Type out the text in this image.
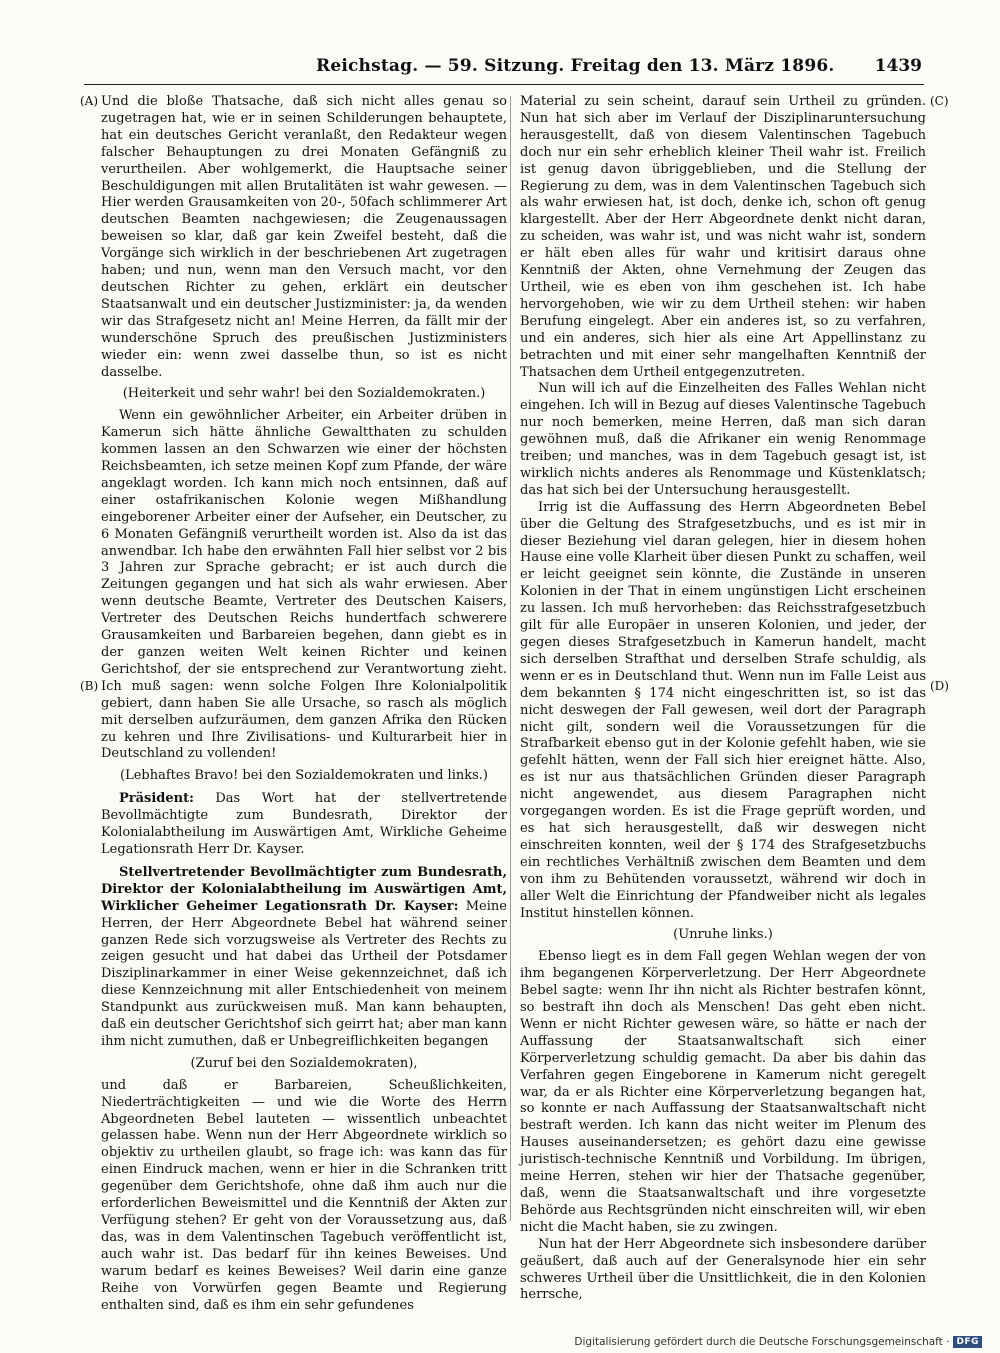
Reichstag. — 59. Sitzung. Freitag den 13. März 1896. 1439
(A)
(B)
(C)
(D)

Und die bloße Thatsache, daß sich nicht alles genau so zugetragen hat, wie er in seinen Schilderungen behauptete, hat ein deutsches Gericht veranlaßt, den Redakteur wegen falscher Behauptungen zu drei Monaten Gefängniß zu verurtheilen. Aber wohlgemerkt, die Hauptsache seiner Beschuldigungen mit allen Brutalitäten ist wahr gewesen. — Hier werden Grausamkeiten von 20-, 50fach schlimmerer Art deutschen Beamten nachgewiesen; die Zeugenaussagen beweisen so klar, daß gar kein Zweifel besteht, daß die Vorgänge sich wirklich in der beschriebenen Art zugetragen haben; und nun, wenn man den Versuch macht, vor den deutschen Richter zu gehen, erklärt ein deutscher Staatsanwalt und ein deutscher Justizminister: ja, da wenden wir das Strafgesetz nicht an! Meine Herren, da fällt mir der wunderschöne Spruch des preußischen Justizministers wieder ein: wenn zwei dasselbe thun, so ist es nicht dasselbe.

(Heiterkeit und sehr wahr! bei den Sozialdemokraten.)

Wenn ein gewöhnlicher Arbeiter, ein Arbeiter drüben in Kamerun sich hätte ähnliche Gewaltthaten zu schulden kommen lassen an den Schwarzen wie einer der höchsten Reichsbeamten, ich setze meinen Kopf zum Pfande, der wäre angeklagt worden. Ich kann mich noch entsinnen, daß auf einer ostafrikanischen Kolonie wegen Mißhandlung eingeborener Arbeiter einer der Aufseher, ein Deutscher, zu 6 Monaten Gefängniß verurtheilt worden ist. Also da ist das anwendbar. Ich habe den erwähnten Fall hier selbst vor 2 bis 3 Jahren zur Sprache gebracht; er ist auch durch die Zeitungen gegangen und hat sich als wahr erwiesen. Aber wenn deutsche Beamte, Vertreter des Deutschen Kaisers, Vertreter des Deutschen Reichs hundertfach schwerere Grausamkeiten und Barbareien begehen, dann giebt es in der ganzen weiten Welt keinen Richter und keinen Gerichtshof, der sie entsprechend zur Verantwortung zieht. Ich muß sagen: wenn solche Folgen Ihre Kolonialpolitik gebiert, dann haben Sie alle Ursache, so rasch als möglich mit derselben aufzuräumen, dem ganzen Afrika den Rücken zu kehren und Ihre Zivilisations- und Kulturarbeit hier in Deutschland zu vollenden!

(Lebhaftes Bravo! bei den Sozialdemokraten und links.)

Präsident: Das Wort hat der stellvertretende Bevollmächtigte zum Bundesrath, Direktor der Kolonialabtheilung im Auswärtigen Amt, Wirkliche Geheime Legationsrath Herr Dr. Kayser.

Stellvertretender Bevollmächtigter zum Bundesrath, Direktor der Kolonialabtheilung im Auswärtigen Amt, Wirklicher Geheimer Legationsrath Dr. Kayser: Meine Herren, der Herr Abgeordnete Bebel hat während seiner ganzen Rede sich vorzugsweise als Vertreter des Rechts zu zeigen gesucht und hat dabei das Urtheil der Potsdamer Disziplinarkammer in einer Weise gekennzeichnet, daß ich diese Kennzeichnung mit aller Entschiedenheit von meinem Standpunkt aus zurückweisen muß. Man kann behaupten, daß ein deutscher Gerichtshof sich geirrt hat; aber man kann ihm nicht zumuthen, daß er Unbegreiflichkeiten begangen

(Zuruf bei den Sozialdemokraten),

und daß er Barbareien, Scheußlichkeiten, Niederträchtigkeiten — und wie die Worte des Herrn Abgeordneten Bebel lauteten — wissentlich unbeachtet gelassen habe. Wenn nun der Herr Abgeordnete wirklich so objektiv zu urtheilen glaubt, so frage ich: was kann das für einen Eindruck machen, wenn er hier in die Schranken tritt gegenüber dem Gerichtshofe, ohne daß ihm auch nur die erforderlichen Beweismittel und die Kenntniß der Akten zur Verfügung stehen? Er geht von der Voraussetzung aus, daß das, was in dem Valentinschen Tagebuch veröffentlicht ist, auch wahr ist. Das bedarf für ihn keines Beweises. Und warum bedarf es keines Beweises? Weil darin eine ganze Reihe von Vorwürfen gegen Beamte und Regierung enthalten sind, daß es ihm ein sehr gefundenes

Material zu sein scheint, darauf sein Urtheil zu gründen. Nun hat sich aber im Verlauf der Disziplinaruntersuchung herausgestellt, daß von diesem Valentinschen Tagebuch doch nur ein sehr erheblich kleiner Theil wahr ist. Freilich ist genug davon übriggeblieben, und die Stellung der Regierung zu dem, was in dem Valentinschen Tagebuch sich als wahr erwiesen hat, ist doch, denke ich, schon oft genug klargestellt. Aber der Herr Abgeordnete denkt nicht daran, zu scheiden, was wahr ist, und was nicht wahr ist, sondern er hält eben alles für wahr und kritisirt daraus ohne Kenntniß der Akten, ohne Vernehmung der Zeugen das Urtheil, wie es eben von ihm geschehen ist. Ich habe hervorgehoben, wie wir zu dem Urtheil stehen: wir haben Berufung eingelegt. Aber ein anderes ist, so zu verfahren, und ein anderes, sich hier als eine Art Appellinstanz zu betrachten und mit einer sehr mangelhaften Kenntniß der Thatsachen dem Urtheil entgegenzutreten.

Nun will ich auf die Einzelheiten des Falles Wehlan nicht eingehen. Ich will in Bezug auf dieses Valentinsche Tagebuch nur noch bemerken, meine Herren, daß man sich daran gewöhnen muß, daß die Afrikaner ein wenig Renommage treiben; und manches, was in dem Tagebuch gesagt ist, ist wirklich nichts anderes als Renommage und Küstenklatsch; das hat sich bei der Untersuchung herausgestellt.

Irrig ist die Auffassung des Herrn Abgeordneten Bebel über die Geltung des Strafgesetzbuchs, und es ist mir in dieser Beziehung viel daran gelegen, hier in diesem hohen Hause eine volle Klarheit über diesen Punkt zu schaffen, weil er leicht geeignet sein könnte, die Zustände in unseren Kolonien in der That in einem ungünstigen Licht erscheinen zu lassen. Ich muß hervorheben: das Reichsstrafgesetzbuch gilt für alle Europäer in unseren Kolonien, und jeder, der gegen dieses Strafgesetzbuch in Kamerun handelt, macht sich derselben Strafthat und derselben Strafe schuldig, als wenn er es in Deutschland thut. Wenn nun im Falle Leist aus dem bekannten § 174 nicht eingeschritten ist, so ist das nicht deswegen der Fall gewesen, weil dort der Paragraph nicht gilt, sondern weil die Voraussetzungen für die Strafbarkeit ebenso gut in der Kolonie gefehlt haben, wie sie gefehlt hätten, wenn der Fall sich hier ereignet hätte. Also, es ist nur aus thatsächlichen Gründen dieser Paragraph nicht angewendet, aus diesem Paragraphen nicht vorgegangen worden. Es ist die Frage geprüft worden, und es hat sich herausgestellt, daß wir deswegen nicht einschreiten konnten, weil der § 174 des Strafgesetzbuchs ein rechtliches Verhältniß zwischen dem Beamten und dem von ihm zu Behütenden voraussetzt, während wir doch in aller Welt die Einrichtung der Pfandweiber nicht als legales Institut hinstellen können.

(Unruhe links.)

Ebenso liegt es in dem Fall gegen Wehlan wegen der von ihm begangenen Körperverletzung. Der Herr Abgeordnete Bebel sagte: wenn Ihr ihn nicht als Richter bestrafen könnt, so bestraft ihn doch als Menschen! Das geht eben nicht. Wenn er nicht Richter gewesen wäre, so hätte er nach der Auffassung der Staatsanwaltschaft sich einer Körperverletzung schuldig gemacht. Da aber bis dahin das Verfahren gegen Eingeborene in Kamerum nicht geregelt war, da er als Richter eine Körperverletzung begangen hat, so konnte er nach Auffassung der Staatsanwaltschaft nicht bestraft werden. Ich kann das nicht weiter im Plenum des Hauses auseinandersetzen; es gehört dazu eine gewisse juristisch-technische Kenntniß und Vorbildung. Im übrigen, meine Herren, stehen wir hier der Thatsache gegenüber, daß, wenn die Staatsanwaltschaft und ihre vorgesetzte Behörde aus Rechtsgründen nicht einschreiten will, wir eben nicht die Macht haben, sie zu zwingen.

Nun hat der Herr Abgeordnete sich insbesondere darüber geäußert, daß auch auf der Generalsynode hier ein sehr schweres Urtheil über die Unsittlichkeit, die in den Kolonien herrsche,

Digitalisierung gefördert durch die Deutsche Forschungsgemeinschaft · DFG
